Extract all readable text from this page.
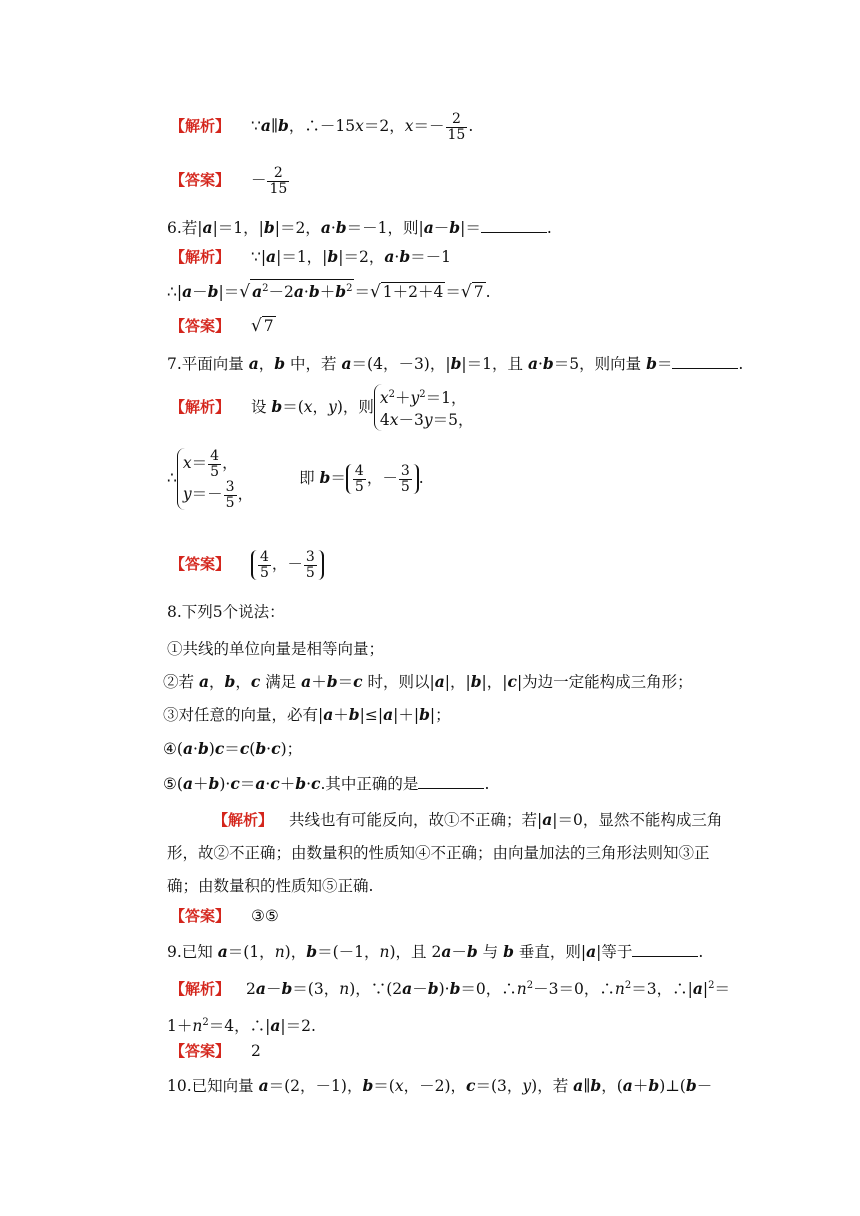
【解析】 ∵a∥b，∴－15x＝2，$x=- \frac{2}{15}$ .
【答案】 － $\frac{2}{15}$
6.若|a|＝1，|b|＝2，a·b＝－1，则|a－b|＝	.
【解析】 ∵|a|＝1，|b|＝2，a·b＝－1
∴|a－b|＝√ $a^2-2a\cdot b+b^2$ ＝√ 1＋2＋4 ＝√ 7 .
【答案】 √ 7
7.平面向量 a，b 中，若 a＝(4，－3)，|b|＝1，且 a·b＝5，则向量 b＝	.
【解析】 设 b＝(x，y)，则 $x^2+y^2=1$，
4x－3y＝5，
∴
$x= \frac{4}{5}$ ，
$y=- \frac{3}{5}$ ，
即 $b= \frac{4}{5}$ ，－ $\frac{3}{5}$ .
【答案】 $\frac{4}{5}$ ，－ $\frac{3}{5}$
8.下列5个说法：
①共线的单位向量是相等向量；
②若 a，b，c 满足 a＋b＝c 时，则以|a|，|b|，|c|为边一定能构成三角形；
③对任意的向量，必有|a＋b|≤|a|＋|b|；
④(a·b)c＝c(b·c)；
⑤(a＋b)·c＝a·c＋b·c.其中正确的是	.
【解析】 共线也有可能反向，故①不正确；若|a|＝0，显然不能构成三角形，故②不正确；由数量积的性质知④不正确；由向量加法的三角形法则知③正确；由数量积的性质知⑤正确.
【答案】 ③⑤
9.已知 a＝(1，n)，b＝(－1，n)，且 2a－b 与 b 垂直，则|a|等于	.
【解析】 2a－b＝(3，n)，∵(2a－b)·b＝0，$\therefore n^2-3=0$，$\therefore n^2=3$，$\therefore|a|^2=1+n^2=4$，∴|a|＝2.
【答案】 2
10.已知向量 a＝(2，－1)，b＝(x，－2)，c＝(3，y)，若 a∥b，(a＋b)⊥(b－
